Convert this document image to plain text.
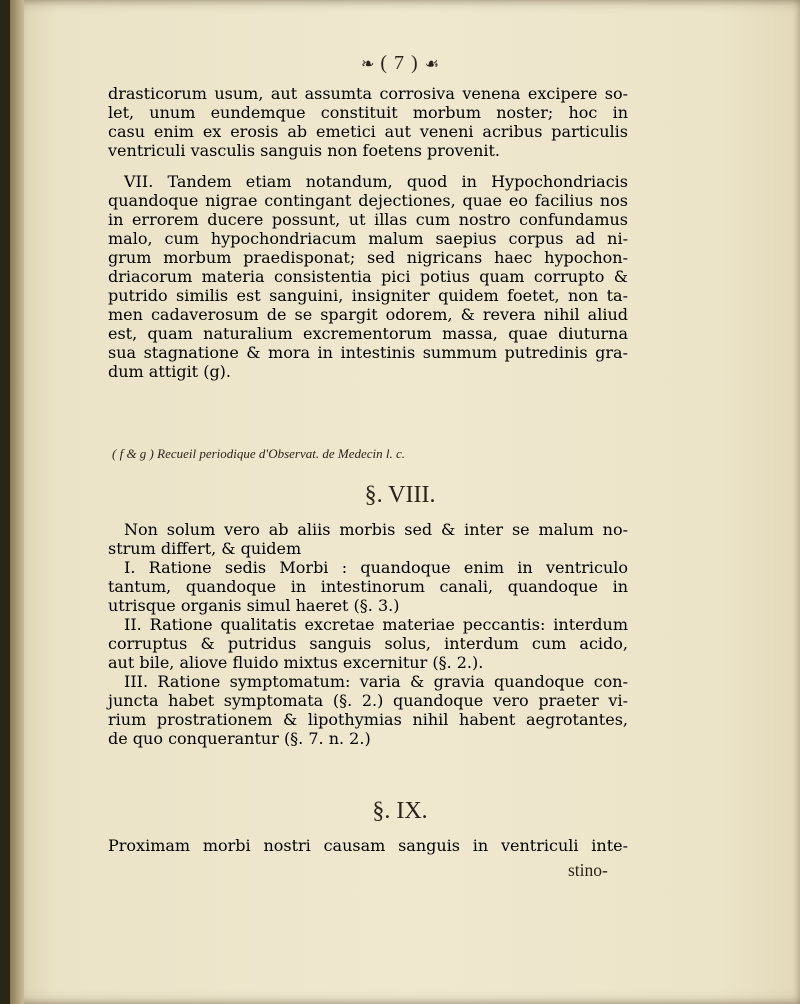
❧ ( 7 ) ☙
drasticorum usum, aut assumta corrosiva venena excipere so-
let, unum eundemque constituit morbum noster; hoc in
casu enim ex erosis ab emetici aut veneni acribus particulis
ventriculi vasculis sanguis non foetens provenit.
VII. Tandem etiam notandum, quod in Hypochondriacis
quandoque nigrae contingant dejectiones, quae eo facilius nos
in errorem ducere possunt, ut illas cum nostro confundamus
malo, cum hypochondriacum malum saepius corpus ad ni-
grum morbum praedisponat; sed nigricans haec hypochon-
driacorum materia consistentia pici potius quam corrupto &
putrido similis est sanguini, insigniter quidem foetet, non ta-
men cadaverosum de se spargit odorem, & revera nihil aliud
est, quam naturalium excrementorum massa, quae diuturna
sua stagnatione & mora in intestinis summum putredinis gra-
dum attigit (g).
( f & g ) Recueil periodique d'Observat. de Medecin l. c.
§. VIII.
Non solum vero ab aliis morbis sed & inter se malum no-
strum differt, & quidem
I. Ratione sedis Morbi : quandoque enim in ventriculo
tantum, quandoque in intestinorum canali, quandoque in
utrisque organis simul haeret (§. 3.)
II. Ratione qualitatis excretae materiae peccantis: interdum
corruptus & putridus sanguis solus, interdum cum acido,
aut bile, aliove fluido mixtus excernitur (§. 2.).
III. Ratione symptomatum: varia & gravia quandoque con-
juncta habet symptomata (§. 2.) quandoque vero praeter vi-
rium prostrationem & lipothymias nihil habent aegrotantes,
de quo conquerantur (§. 7. n. 2.)
§. IX.
Proximam morbi nostri causam sanguis in ventriculi inte-
stino-
